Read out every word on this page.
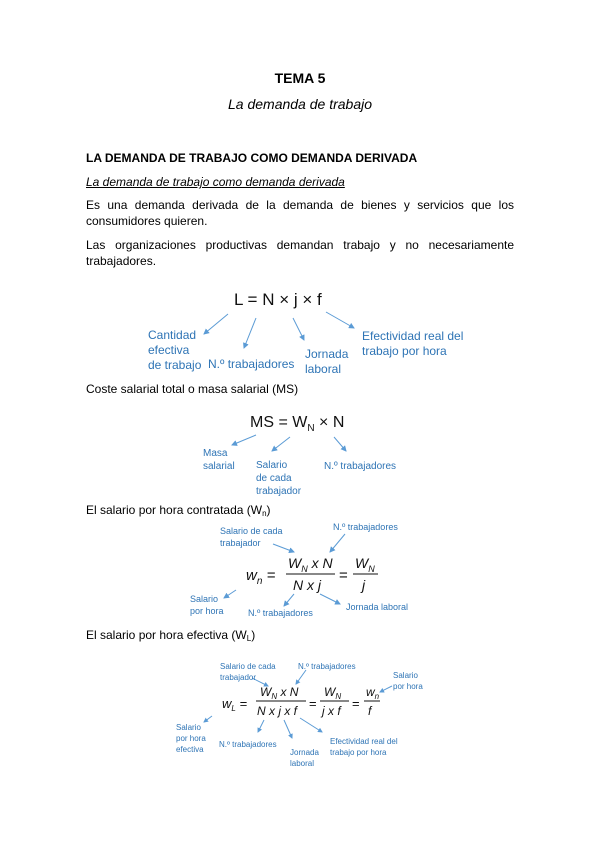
TEMA 5
La demanda de trabajo
LA DEMANDA DE TRABAJO COMO DEMANDA DERIVADA
La demanda de trabajo como demanda derivada
Es una demanda derivada de la demanda de bienes y servicios que los consumidores quieren.
Las organizaciones productivas demandan trabajo y no necesariamente trabajadores.
L = N × j × f
Cantidad
efectiva
de trabajo N.º trabajadores
Jornada
laboral
Efectividad real del
trabajo por hora
Coste salarial total o masa salarial (MS)
MS = $W_N \times N$
Masa
salarial Salario
de cada
trabajador
N.º trabajadores
El salario por hora contratada $(W_n)$
$w_n$ =
$W_N$ x N
N x j
=
$W_N$
j
Salario de cada
trabajador
N.º trabajadores
Salario
por hora	N.º trabajadores
Jornada laboral
El salario por hora efectiva $(W_L)$
$w_L$ =
$W_N$ x N
N x j x f =
$W_N$
j x f =
$w_n$
f
Salario de cada
trabajador
N.º trabajadores
Salario
por hora
Salario
por hora
efectiva
N.º trabajadores
Jornada
laboral
Efectividad real del
trabajo por hora
